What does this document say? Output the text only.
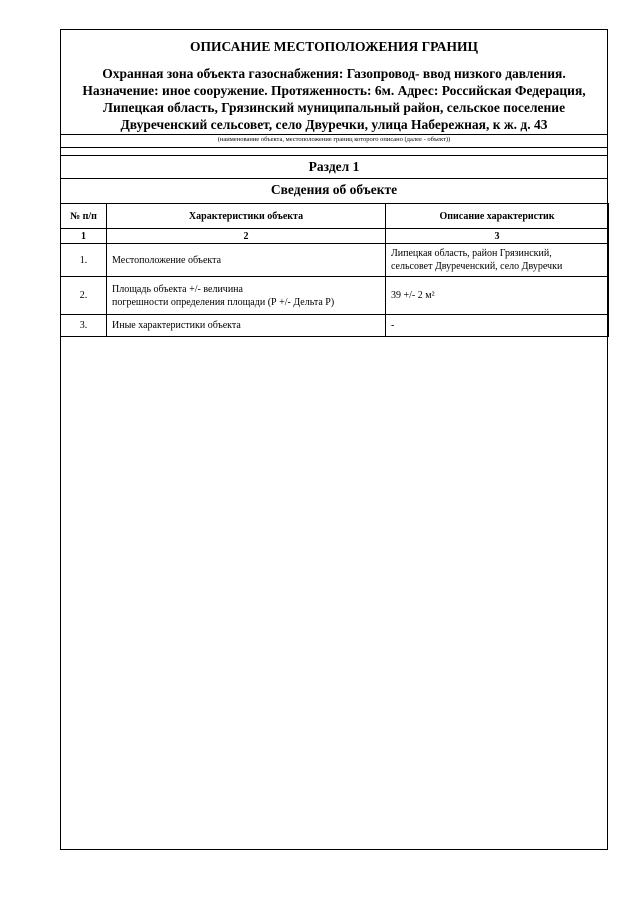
ОПИСАНИЕ МЕСТОПОЛОЖЕНИЯ ГРАНИЦ
Охранная зона объекта газоснабжения: Газопровод- ввод низкого давления.
Назначение: иное сооружение. Протяженность: 6м. Адрес: Российская Федерация,
Липецкая область, Грязинский муниципальный район, сельское поселение
Двуреченский сельсовет, село Двуречки, улица Набережная, к ж. д. 43
(наименование объекта, местоположение границ которого описано (далее - объект))
Раздел 1
Сведения об объекте
№ п/п	Характеристики объекта	Описание характеристик
1	2	3
1.	Местоположение объекта	Липецкая область, район Грязинский,
сельсовет Двуреченский, село Двуречки

2.	Площадь объекта +/- величина
погрешности определения площади (Р +/- Дельта Р)	39 +/- 2 м²

3.	Иные характеристики объекта	-
